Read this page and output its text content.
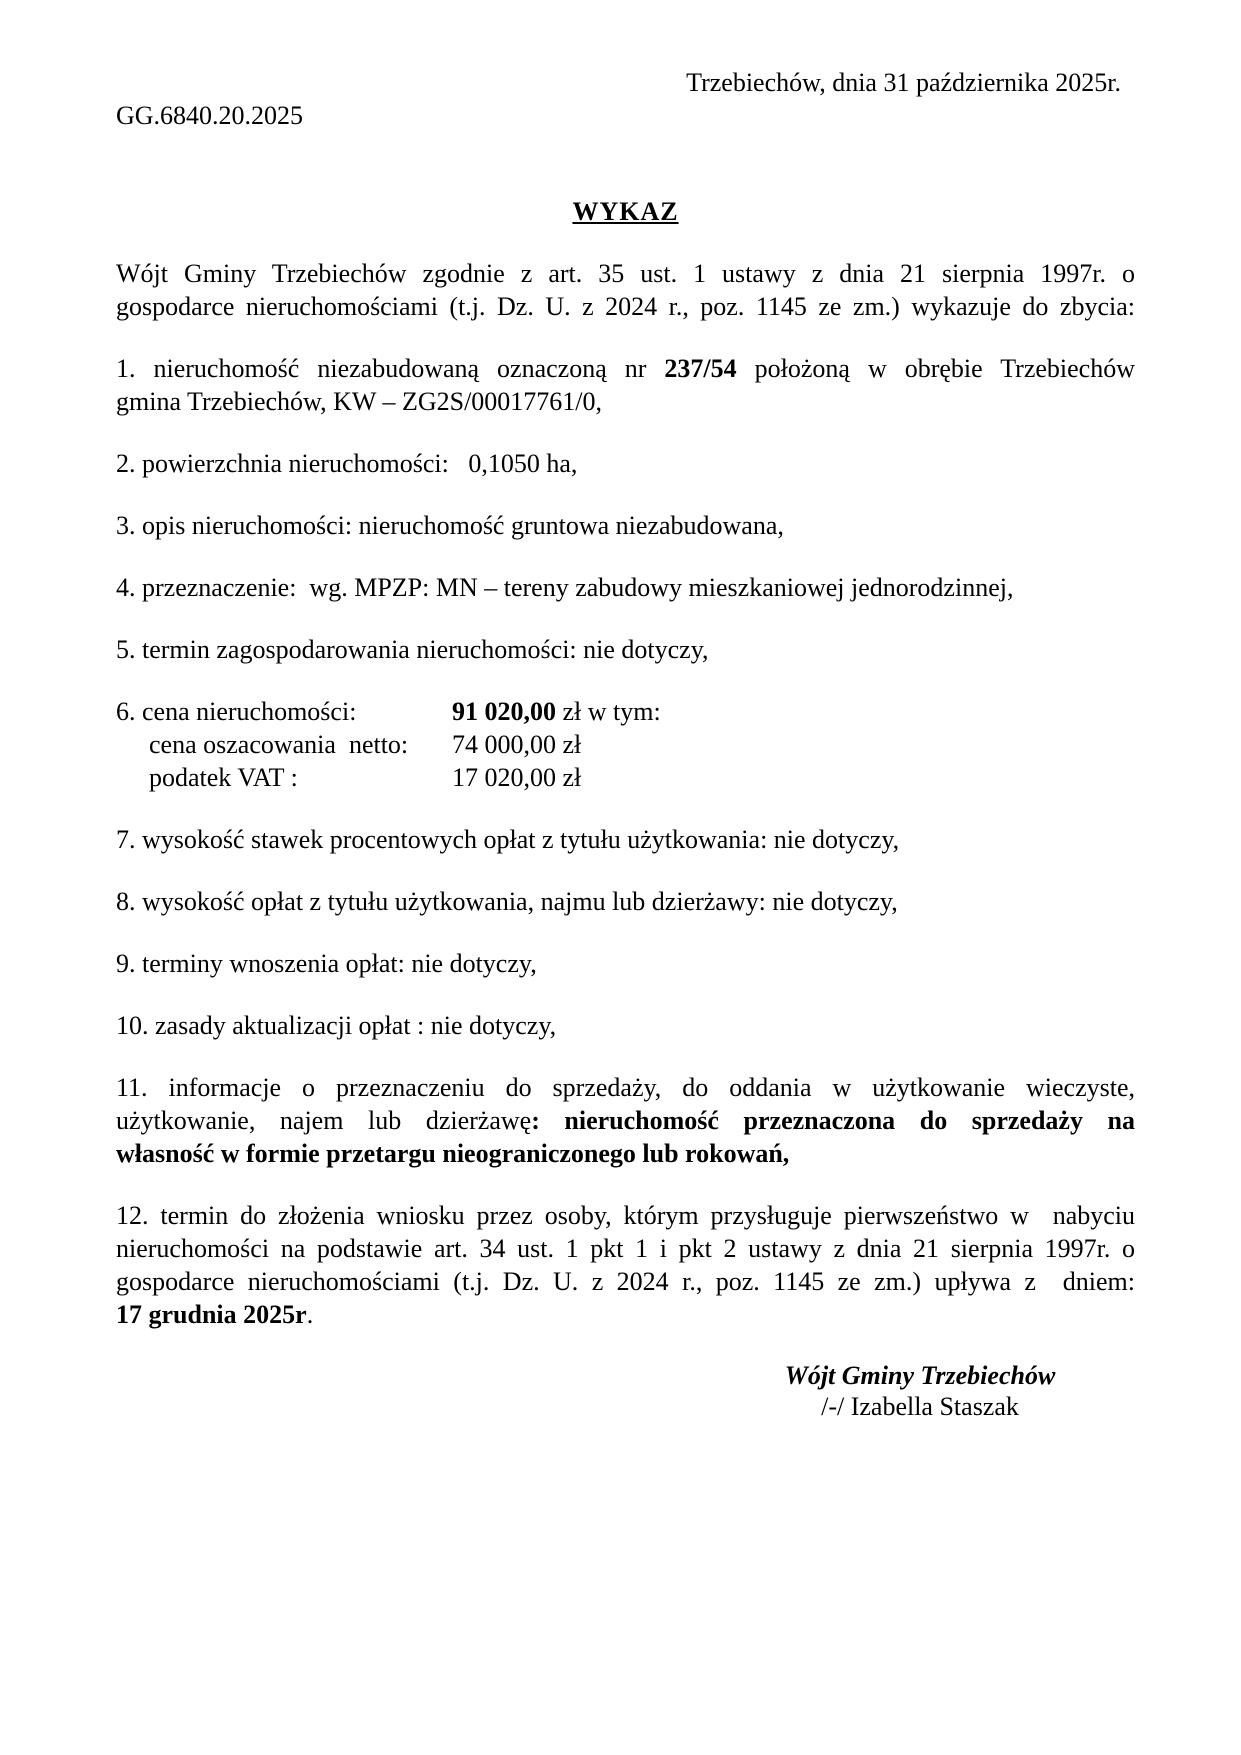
Trzebiechów, dnia 31 października 2025r.
GG.6840.20.2025
WYKAZ
Wójt Gminy Trzebiechów zgodnie z art. 35 ust. 1 ustawy z dnia 21 sierpnia 1997r. o
gospodarce nieruchomościami (t.j. Dz. U. z 2024 r., poz. 1145 ze zm.) wykazuje do zbycia:
1. nieruchomość niezabudowaną oznaczoną nr 237/54 położoną w obrębie Trzebiechów
gmina Trzebiechów, KW – ZG2S/00017761/0,
2. powierzchnia nieruchomości:   0,1050 ha,
3. opis nieruchomości: nieruchomość gruntowa niezabudowana,
4. przeznaczenie:  wg. MPZP: MN – tereny zabudowy mieszkaniowej jednorodzinnej,
5. termin zagospodarowania nieruchomości: nie dotyczy,
6. cena nieruchomości:	91 020,00 zł w tym:
cena oszacowania  netto:	74 000,00 zł
podatek VAT :	17 020,00 zł
7. wysokość stawek procentowych opłat z tytułu użytkowania: nie dotyczy,
8. wysokość opłat z tytułu użytkowania, najmu lub dzierżawy: nie dotyczy,
9. terminy wnoszenia opłat: nie dotyczy,
10. zasady aktualizacji opłat : nie dotyczy,
11. informacje o przeznaczeniu do sprzedaży, do oddania w użytkowanie wieczyste,
użytkowanie, najem lub dzierżawę: nieruchomość przeznaczona do sprzedaży na
własność w formie przetargu nieograniczonego lub rokowań,
12. termin do złożenia wniosku przez osoby, którym przysługuje pierwszeństwo w  nabyciu
nieruchomości na podstawie art. 34 ust. 1 pkt 1 i pkt 2 ustawy z dnia 21 sierpnia 1997r. o
gospodarce nieruchomościami (t.j. Dz. U. z 2024 r., poz. 1145 ze zm.) upływa z  dniem:
17 grudnia 2025r.
Wójt Gminy Trzebiechów
/-/ Izabella Staszak
